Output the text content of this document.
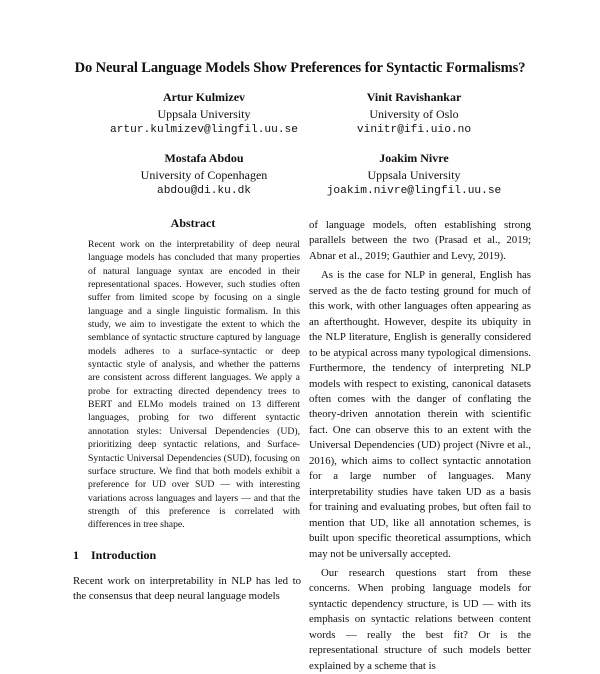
Do Neural Language Models Show Preferences for Syntactic Formalisms?
Artur Kulmizev
Uppsala University
artur.kulmizev@lingfil.uu.se
Vinit Ravishankar
University of Oslo
vinitr@ifi.uio.no
Mostafa Abdou
University of Copenhagen
abdou@di.ku.dk
Joakim Nivre
Uppsala University
joakim.nivre@lingfil.uu.se
Abstract
Recent work on the interpretability of deep neural language models has concluded that many properties of natural language syntax are encoded in their representational spaces. However, such studies often suffer from limited scope by focusing on a single language and a single linguistic formalism. In this study, we aim to investigate the extent to which the semblance of syntactic structure captured by language models adheres to a surface-syntactic or deep syntactic style of analysis, and whether the patterns are consistent across different languages. We apply a probe for extracting directed dependency trees to BERT and ELMo models trained on 13 different languages, probing for two different syntactic annotation styles: Universal Dependencies (UD), prioritizing deep syntactic relations, and Surface-Syntactic Universal Dependencies (SUD), focusing on surface structure. We find that both models exhibit a preference for UD over SUD — with interesting variations across languages and layers — and that the strength of this preference is correlated with differences in tree shape.
1 Introduction
Recent work on interpretability in NLP has led to the consensus that deep neural language models

of language models, often establishing strong parallels between the two (Prasad et al., 2019; Abnar et al., 2019; Gauthier and Levy, 2019).

As is the case for NLP in general, English has served as the de facto testing ground for much of this work, with other languages often appearing as an afterthought. However, despite its ubiquity in the NLP literature, English is generally considered to be atypical across many typological dimensions. Furthermore, the tendency of interpreting NLP models with respect to existing, canonical datasets often comes with the danger of conflating the theory-driven annotation therein with scientific fact. One can observe this to an extent with the Universal Dependencies (UD) project (Nivre et al., 2016), which aims to collect syntactic annotation for a large number of languages. Many interpretability studies have taken UD as a basis for training and evaluating probes, but often fail to mention that UD, like all annotation schemes, is built upon specific theoretical assumptions, which may not be universally accepted.

Our research questions start from these concerns. When probing language models for syntactic dependency structure, is UD — with its emphasis on syntactic relations between content words — really the best fit? Or is the representational structure of such models better explained by a scheme that is
